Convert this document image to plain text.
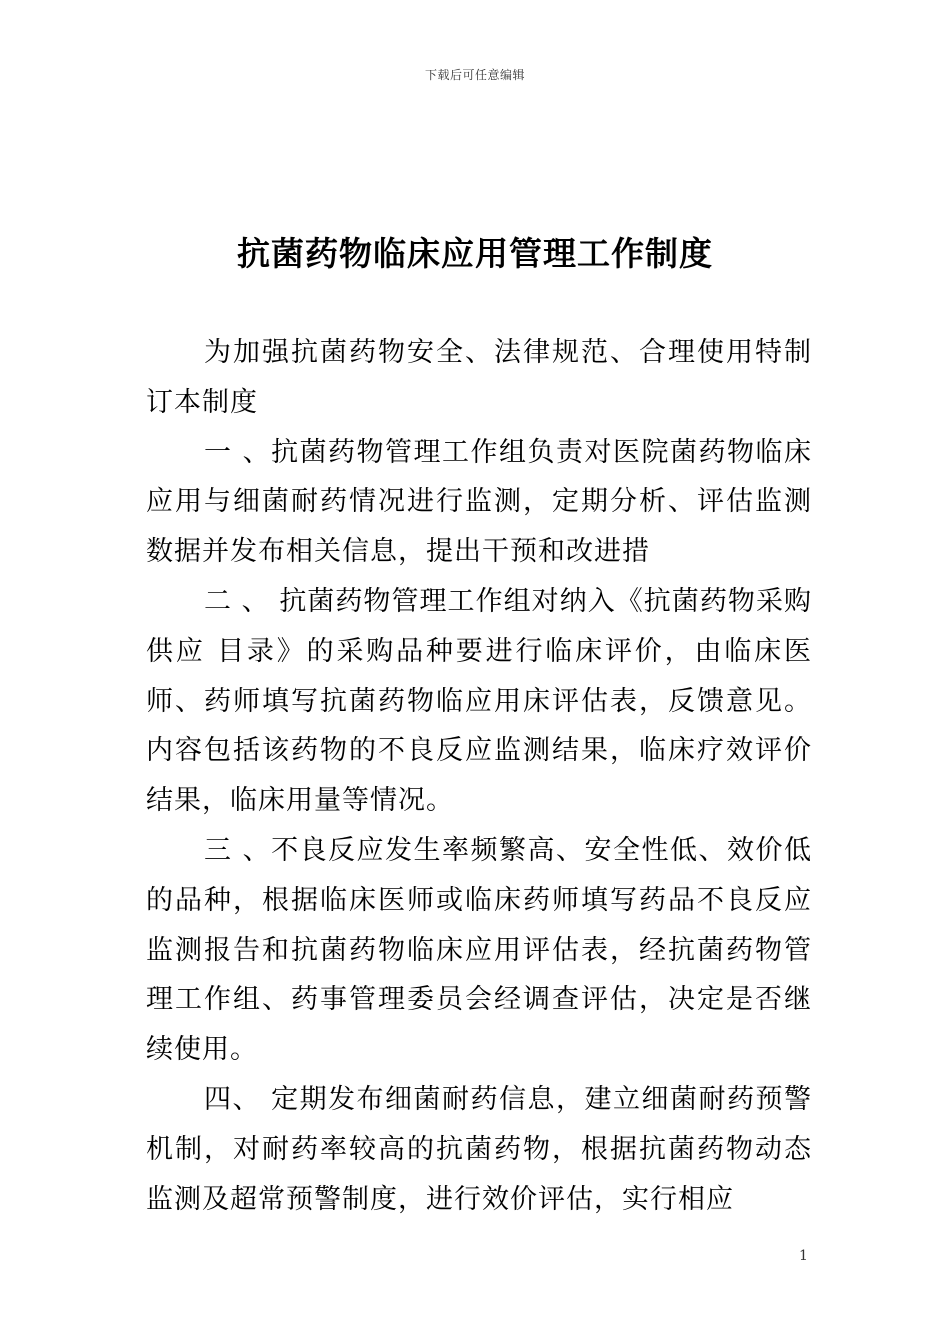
下载后可任意编辑
抗菌药物临床应用管理工作制度

为加强抗菌药物安全、法律规范、合理使用特制订本制度

一 、抗菌药物管理工作组负责对医院菌药物临床应用与细菌耐药情况进行监测，定期分析、评估监测数据并发布相关信息，提出干预和改进措

二 、 抗菌药物管理工作组对纳入《抗菌药物采购供应 目录》的采购品种要进行临床评价，由临床医师、药师填写抗菌药物临应用床评估表，反馈意见。内容包括该药物的不良反应监测结果，临床疗效评价结果，临床用量等情况。

三 、不良反应发生率频繁高、安全性低、效价低的品种，根据临床医师或临床药师填写药品不良反应监测报告和抗菌药物临床应用评估表，经抗菌药物管理工作组、药事管理委员会经调查评估，决定是否继续使用。

四、 定期发布细菌耐药信息，建立细菌耐药预警机制，对耐药率较高的抗菌药物，根据抗菌药物动态监测及超常预警制度，进行效价评估，实行相应

1
